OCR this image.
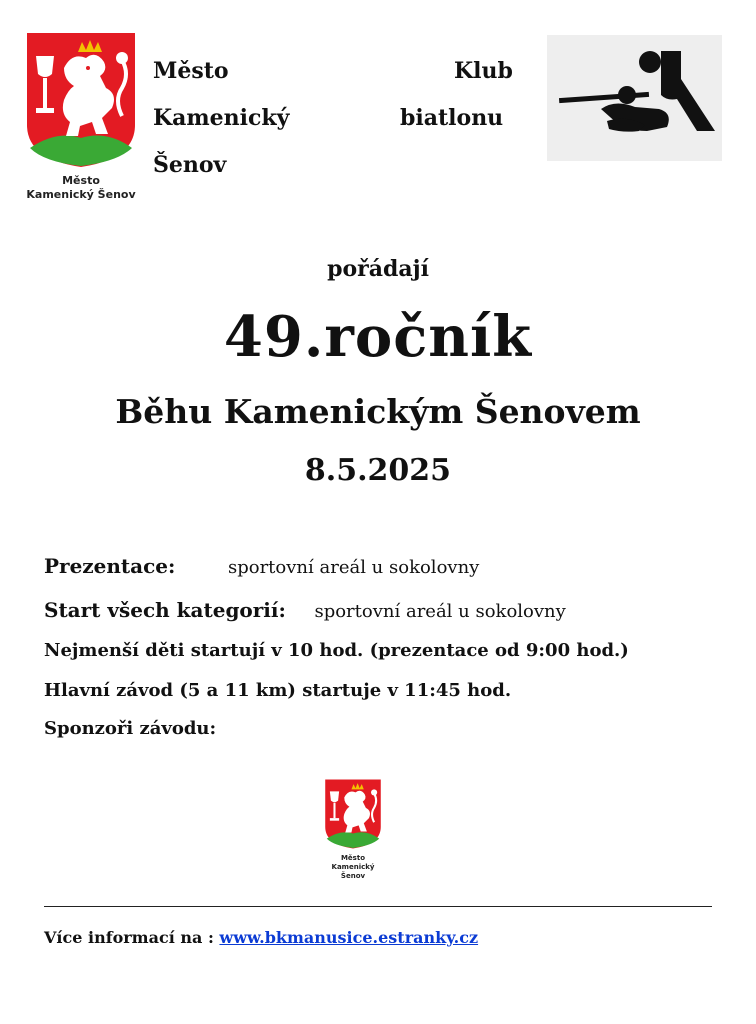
Město
Kamenický Šenov
Město
Kamenický
Šenov
Klub
biatlonu
pořádají
49.ročník
Běhu Kamenickým Šenovem
8.5.2025
Prezentace:	sportovní areál u sokolovny
Start všech kategorií: sportovní areál u sokolovny
Nejmenší děti startují v 10 hod. (prezentace od 9:00 hod.)
Hlavní závod (5 a 11 km) startuje v 11:45 hod.
Sponzoři závodu:
Město
Kamenický Šenov
Více informací na : www.bkmanusice.estranky.cz
